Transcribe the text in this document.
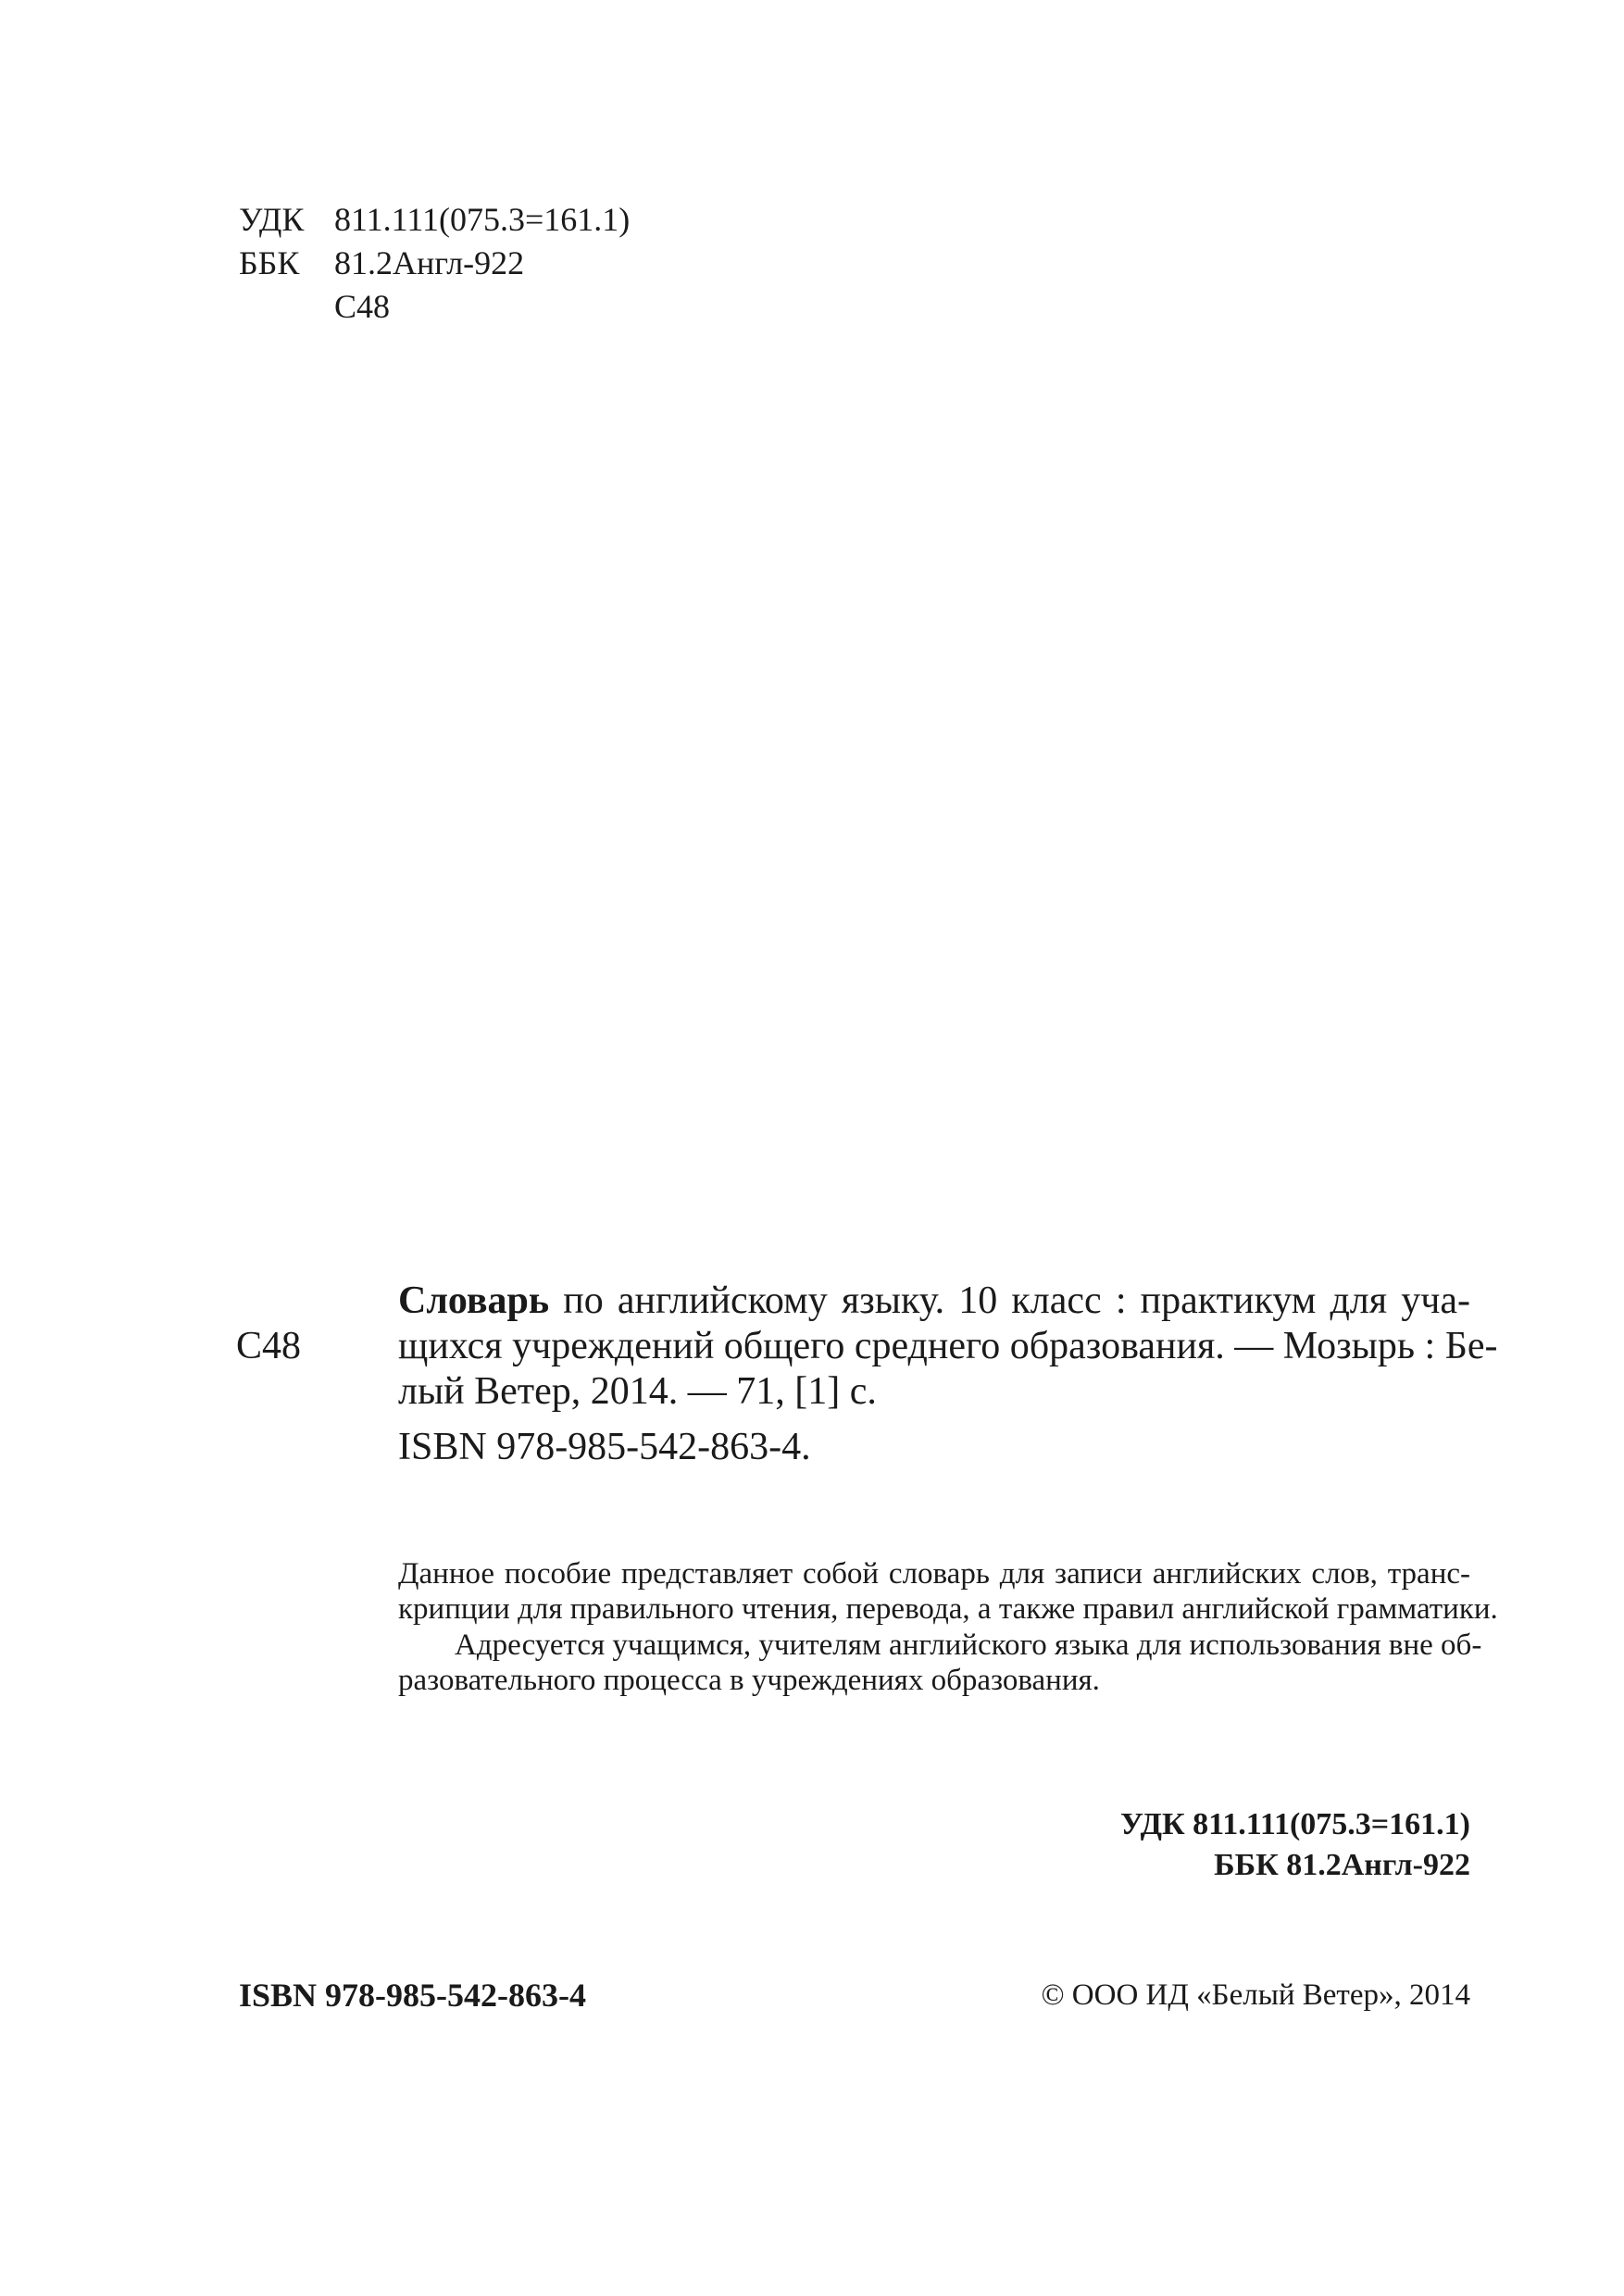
УДК 811.111(075.3=161.1)
ББК 81.2Англ-922
С48
С48
Словарь по английскому языку. 10 класс : практикум для уча-
щихся учреждений общего среднего образования. — Мозырь : Бе-
лый Ветер, 2014. — 71, [1] с.
ISBN 978-985-542-863-4.
Данное пособие представляет собой словарь для записи английских слов, транс-
крипции для правильного чтения, перевода, а также правил английской грамматики.
Адресуется учащимся, учителям английского языка для использования вне об-
разовательного процесса в учреждениях образования.
УДК 811.111(075.3=161.1)
ББК 81.2Англ-922
ISBN 978-985-542-863-4	© ООО ИД «Белый Ветер», 2014
